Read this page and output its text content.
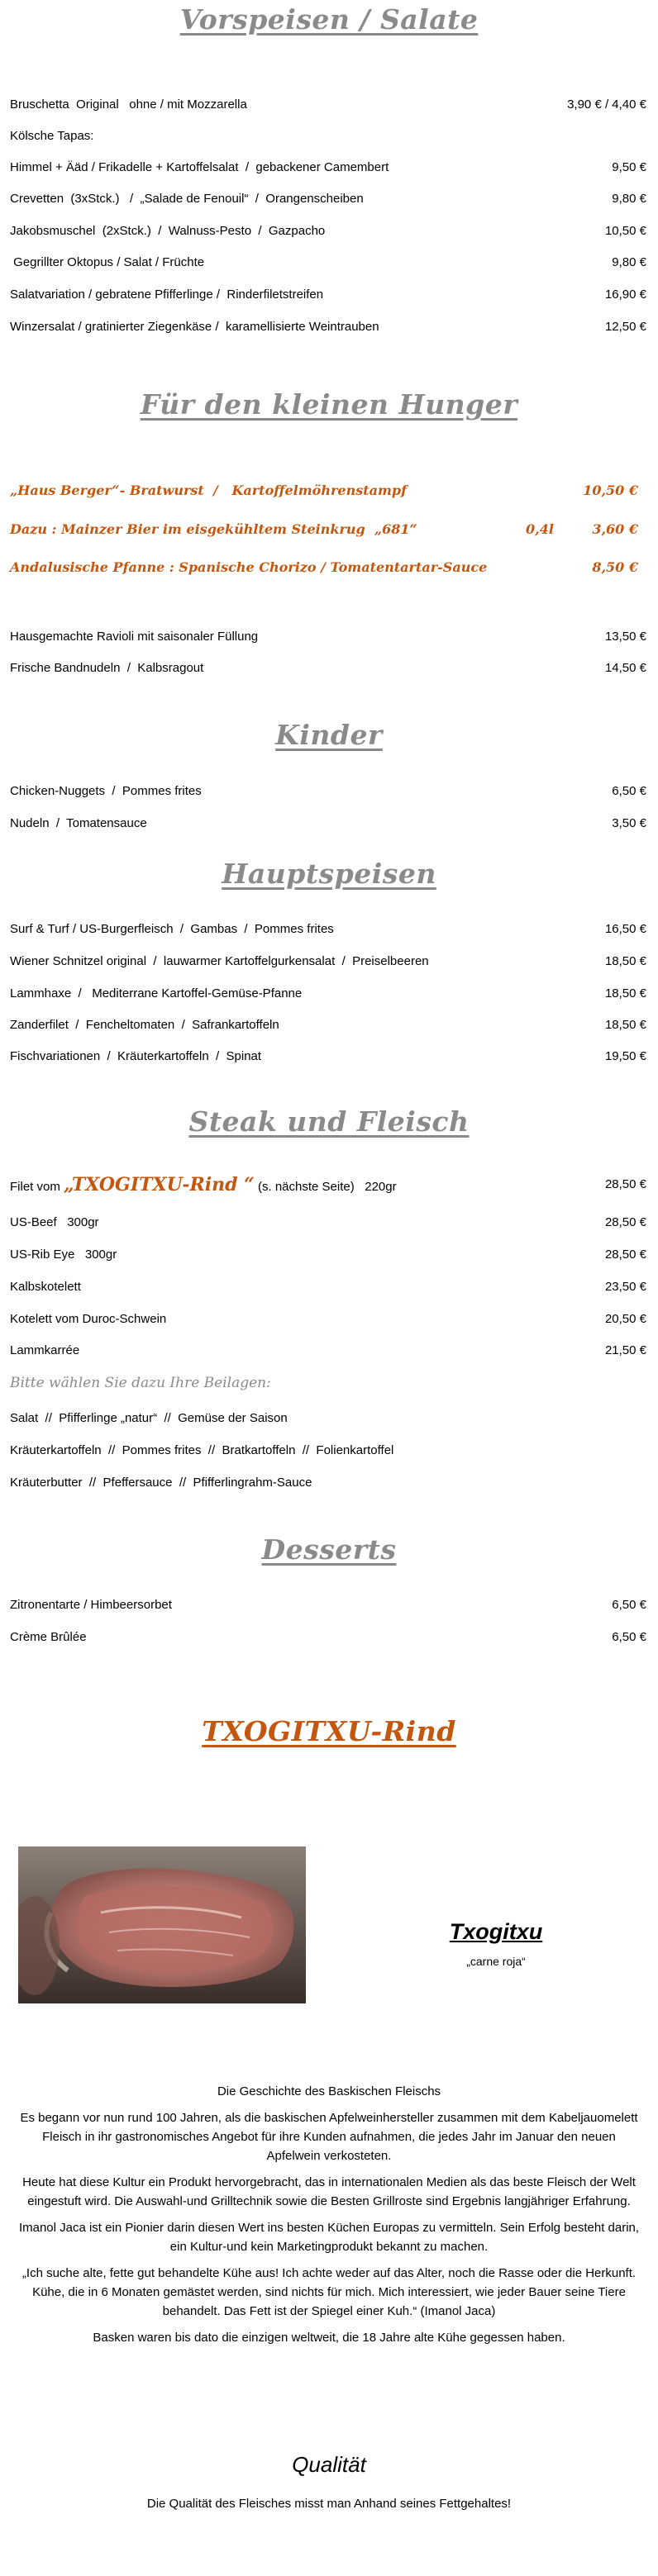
Vorspeisen / Salate
Bruschetta  Original   ohne / mit Mozzarella	3,90 € / 4,40 €
Kölsche Tapas:
Himmel + Ääd / Frikadelle + Kartoffelsalat  /  gebackener Camembert	9,50 €
Crevetten  (3xStck.)   /  „Salade de Fenouil“  /  Orangenscheiben	9,80 €
Jakobsmuschel  (2xStck.)  /  Walnuss-Pesto  /  Gazpacho	10,50 €
Gegrillter Oktopus / Salat / Früchte	9,80 €
Salatvariation / gebratene Pfifferlinge /  Rinderfiletstreifen	16,90 €
Winzersalat / gratinierter Ziegenkäse /  karamellisierte Weintrauben	12,50 €
Für den kleinen Hunger
„Haus Berger“- Bratwurst  /   Kartoffelmöhrenstampf	10,50 €
Dazu : Mainzer Bier im eisgekühltem Steinkrug  „681“	0,4l	3,60 €
Andalusische Pfanne : Spanische Chorizo / Tomatentartar-Sauce	8,50 €
Hausgemachte Ravioli mit saisonaler Füllung	13,50 €
Frische Bandnudeln  /  Kalbsragout	14,50 €
Kinder
Chicken-Nuggets  /  Pommes frites	6,50 €
Nudeln  /  Tomatensauce	3,50 €
Hauptspeisen
Surf & Turf / US-Burgerfleisch  /  Gambas  /  Pommes frites	16,50 €
Wiener Schnitzel original  /  lauwarmer Kartoffelgurkensalat  /  Preiselbeeren	18,50 €
Lammhaxe  /   Mediterrane Kartoffel-Gemüse-Pfanne	18,50 €
Zanderfilet  /  Fencheltomaten  /  Safrankartoffeln	18,50 €
Fischvariationen  /  Kräuterkartoffeln  /  Spinat	19,50 €
Steak und Fleisch
Filet vom „TXOGITXU-Rind “ (s. nächste Seite)   220gr	28,50 €
US-Beef   300gr	28,50 €
US-Rib Eye   300gr	28,50 €
Kalbskotelett	23,50 €
Kotelett vom Duroc-Schwein	20,50 €
Lammkarrée	21,50 €
Bitte wählen Sie dazu Ihre Beilagen:
Salat  //  Pfifferlinge „natur“  //  Gemüse der Saison
Kräuterkartoffeln  //  Pommes frites  //  Bratkartoffeln  //  Folienkartoffel
Kräuterbutter  //  Pfeffersauce  //  Pfifferlingrahm-Sauce
Desserts
Zitronentarte / Himbeersorbet	6,50 €
Crème Brûlée	6,50 €
TXOGITXU-Rind
Txogitxu
„carne roja“
Die Geschichte des Baskischen Fleischs

Es begann vor nun rund 100 Jahren, als die baskischen Apfelweinhersteller zusammen mit dem Kabeljauomelett Fleisch in ihr gastronomisches Angebot für ihre Kunden aufnahmen, die jedes Jahr im Januar den neuen Apfelwein verkosteten.

Heute hat diese Kultur ein Produkt hervorgebracht, das in internationalen Medien als das beste Fleisch der Welt eingestuft wird. Die Auswahl-und Grilltechnik sowie die Besten Grillroste sind Ergebnis langjähriger Erfahrung.

Imanol Jaca ist ein Pionier darin diesen Wert ins besten Küchen Europas zu vermitteln. Sein Erfolg besteht darin, ein Kultur-und kein Marketingprodukt bekannt zu machen.

„Ich suche alte, fette gut behandelte Kühe aus! Ich achte weder auf das Alter, noch die Rasse oder die Herkunft. Kühe, die in 6 Monaten gemästet werden, sind nichts für mich. Mich interessiert, wie jeder Bauer seine Tiere behandelt. Das Fett ist der Spiegel einer Kuh.“ (Imanol Jaca)

Basken waren bis dato die einzigen weltweit, die 18 Jahre alte Kühe gegessen haben.

Qualität
Die Qualität des Fleisches misst man Anhand seines Fettgehaltes!
